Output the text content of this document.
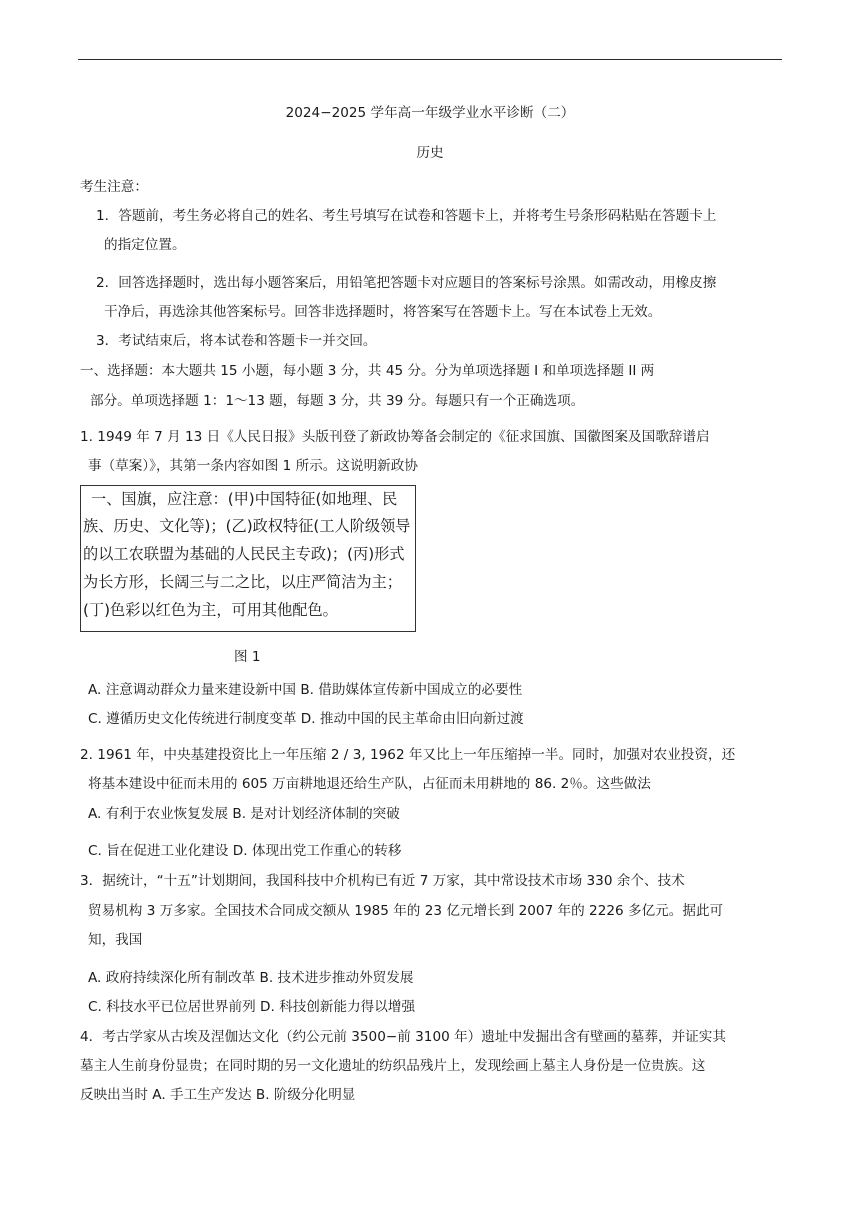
2024−2025 学年高一年级学业水平诊断（二）
历史
考生注意：
1．答题前，考生务必将自己的姓名、考生号填写在试卷和答题卡上，并将考生号条形码粘贴在答题卡上
的指定位置。
2．回答选择题时，选出每小题答案后，用铅笔把答题卡对应题目的答案标号涂黑。如需改动，用橡皮擦
干净后，再选涂其他答案标号。回答非选择题时，将答案写在答题卡上。写在本试卷上无效。
3．考试结束后，将本试卷和答题卡一并交回。
一、选择题：本大题共 15 小题，每小题 3 分，共 45 分。分为单项选择题 I 和单项选择题 II 两
部分。单项选择题 1：1～13 题，每题 3 分，共 39 分。每题只有一个正确选项。
1. 1949 年 7 月 13 日《人民日报》头版刊登了新政协筹备会制定的《征求国旗、国徽图案及国歌辞谱启
事（草案）》，其第一条内容如图 1 所示。这说明新政协
一、国旗，应注意：(甲)中国特征(如地理、民
族、历史、文化等)；(乙)政权特征(工人阶级领导
的以工农联盟为基础的人民民主专政)；(丙)形式
为长方形，长阔三与二之比，以庄严简洁为主；
(丁)色彩以红色为主，可用其他配色。
图 1
A. 注意调动群众力量来建设新中国 B. 借助媒体宣传新中国成立的必要性
C. 遵循历史文化传统进行制度变革 D. 推动中国的民主革命由旧向新过渡
2. 1961 年，中央基建投资比上一年压缩 2 / 3, 1962 年又比上一年压缩掉一半。同时，加强对农业投资，还
将基本建设中征而未用的 605 万亩耕地退还给生产队，占征而未用耕地的 86. 2％。这些做法
A. 有利于农业恢复发展 B. 是对计划经济体制的突破
C. 旨在促进工业化建设 D. 体现出党工作重心的转移
3．据统计，“十五”计划期间，我国科技中介机构已有近 7 万家，其中常设技术市场 330 余个、技术
贸易机构 3 万多家。全国技术合同成交额从 1985 年的 23 亿元增长到 2007 年的 2226 多亿元。据此可
知，我国
A. 政府持续深化所有制改革 B. 技术进步推动外贸发展
C. 科技水平已位居世界前列 D. 科技创新能力得以增强
4．考古学家从古埃及涅伽达文化（约公元前 3500−前 3100 年）遗址中发掘出含有壁画的墓葬，并证实其
墓主人生前身份显贵；在同时期的另一文化遗址的纺织品残片上，发现绘画上墓主人身份是一位贵族。这
反映出当时 A. 手工生产发达 B. 阶级分化明显
